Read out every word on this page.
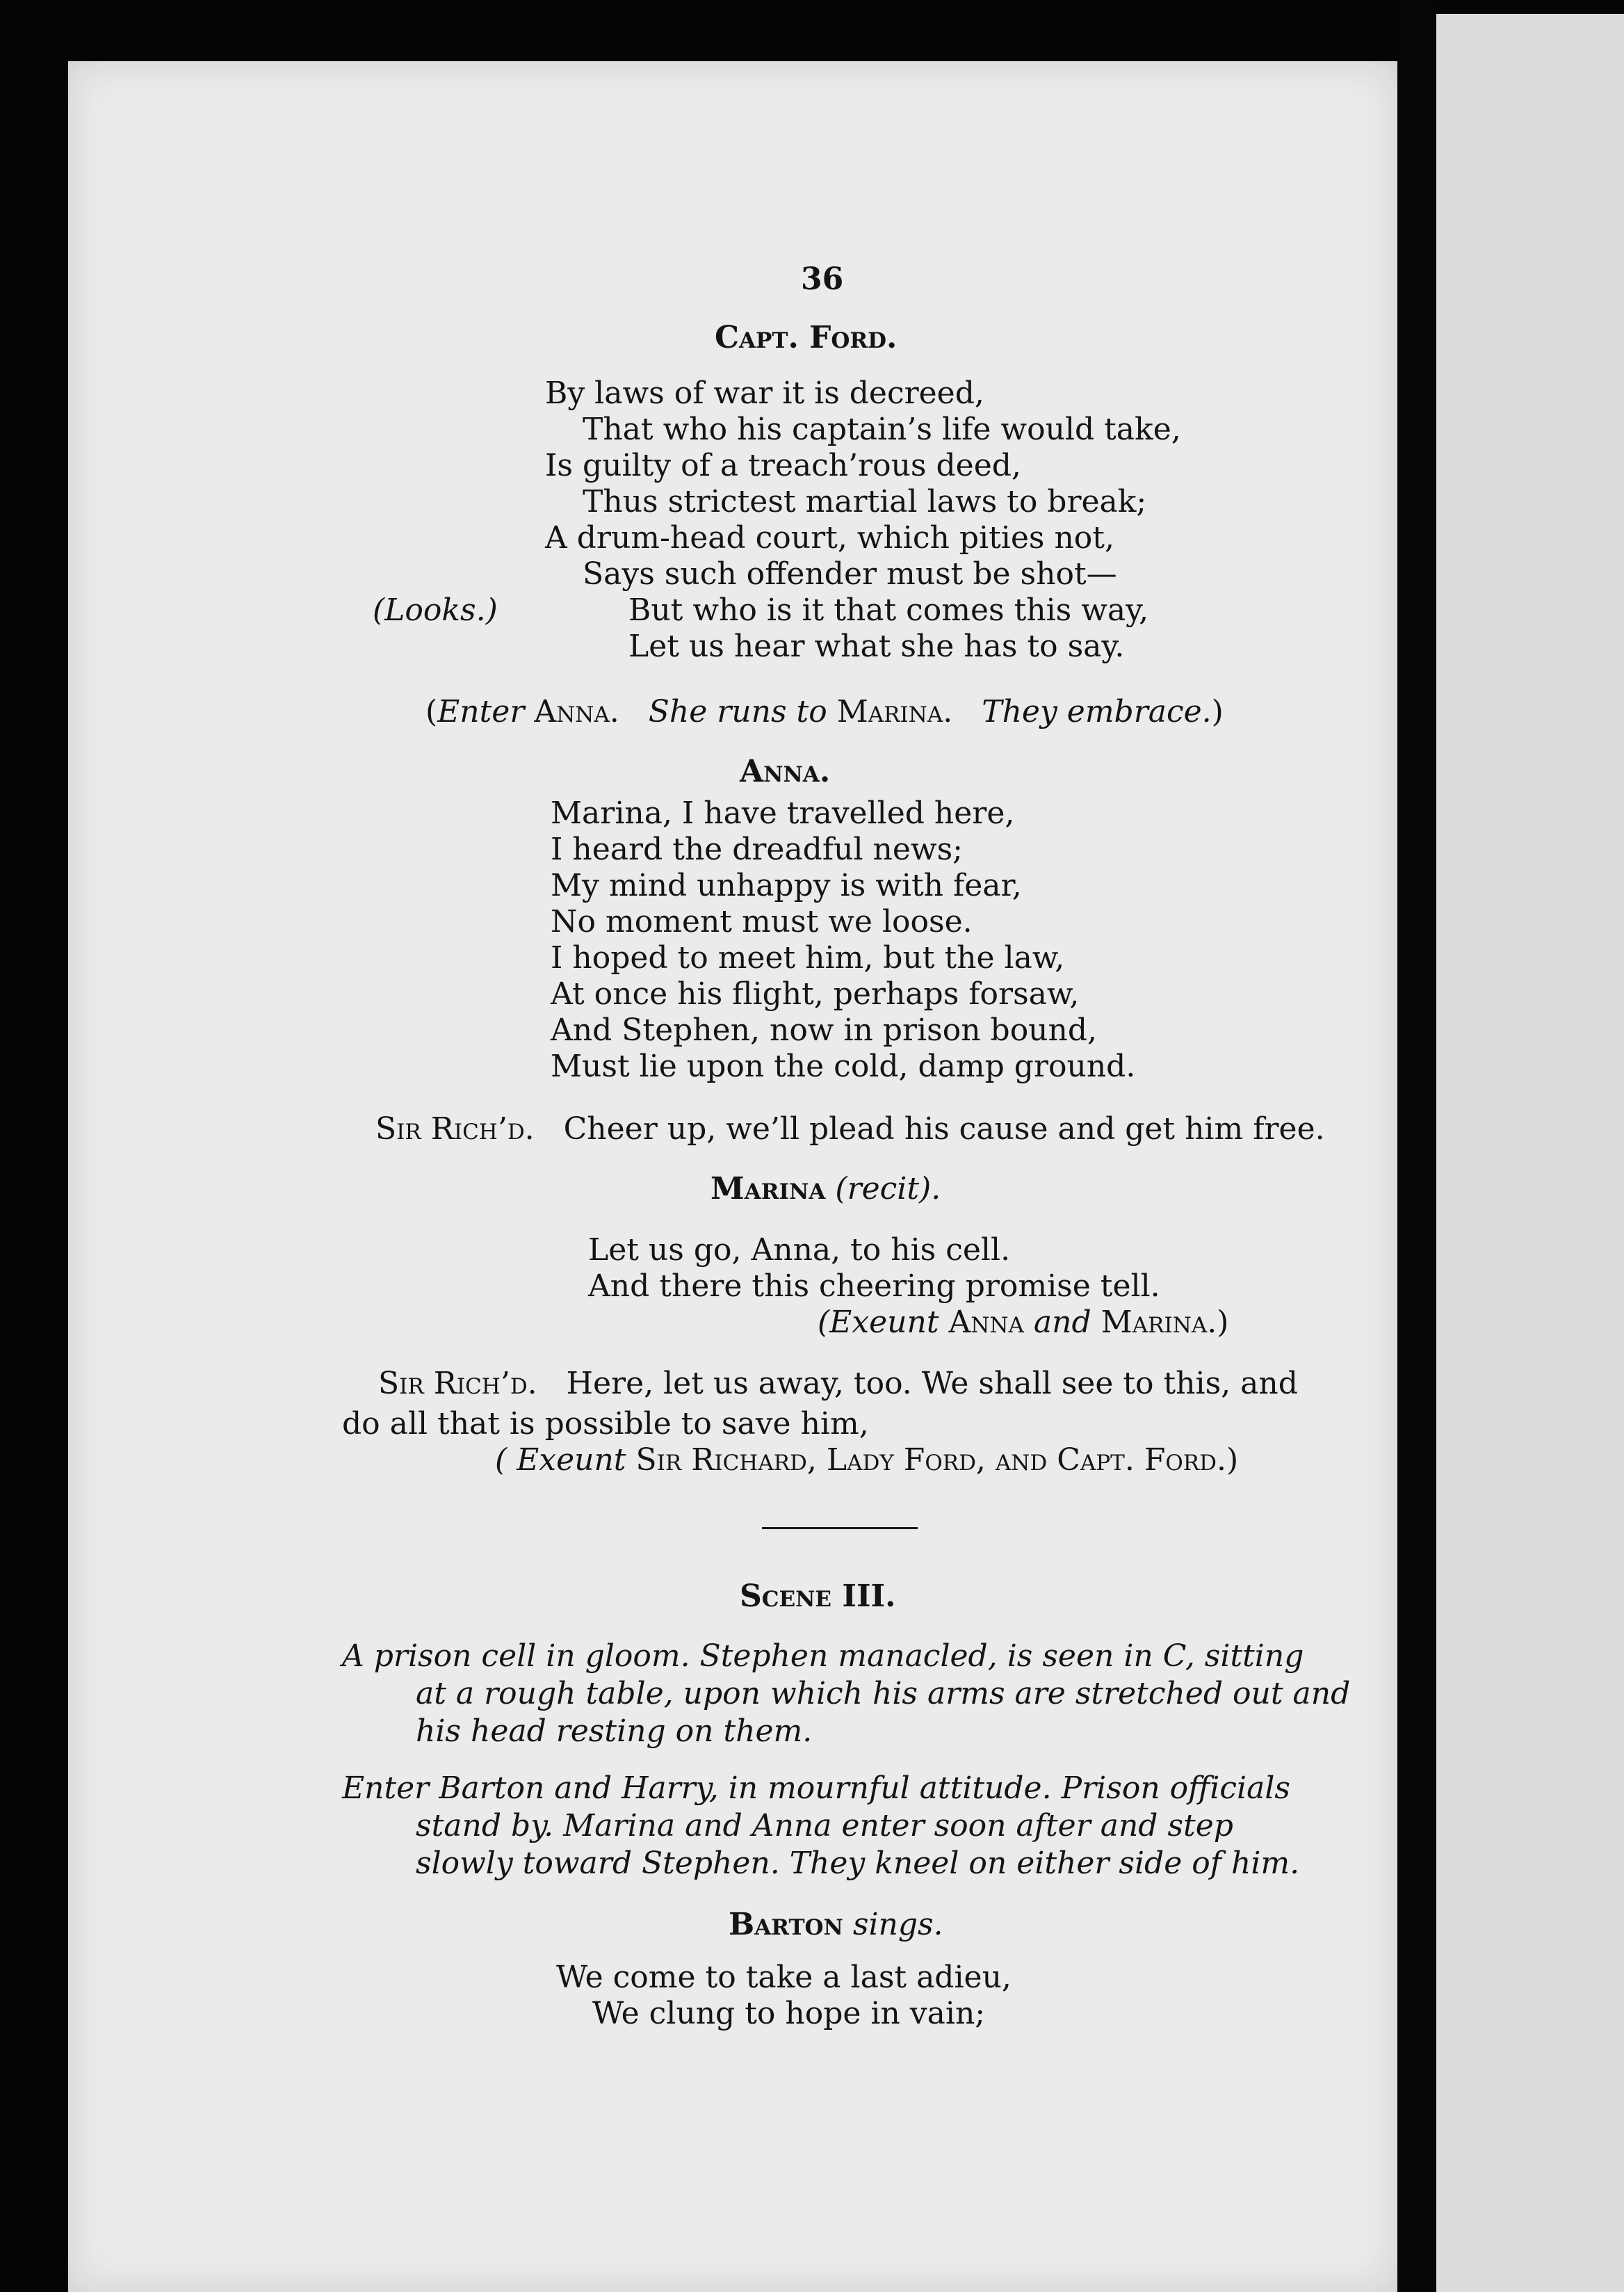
36
Capt. Ford.
By laws of war it is decreed,
That who his captain’s life would take,
Is guilty of a treach’rous deed,
Thus strictest martial laws to break;
A drum-head court, which pities not,
Says such offender must be shot—
(Looks.)	But who is it that comes this way,
Let us hear what she has to say.
(Enter Anna. She runs to Marina. They embrace.)
Anna.
Marina, I have travelled here,
I heard the dreadful news;
My mind unhappy is with fear,
No moment must we loose.
I hoped to meet him, but the law,
At once his flight, perhaps forsaw,
And Stephen, now in prison bound,
Must lie upon the cold, damp ground.
Sir Rich’d. Cheer up, we’ll plead his cause and get him free.
Marina (recit).
Let us go, Anna, to his cell.
And there this cheering promise tell.
(Exeunt Anna and Marina.)
Sir Rich’d. Here, let us away, too. We shall see to this, and
do all that is possible to save him,
( Exeunt Sir Richard, Lady Ford, and Capt. Ford.)
Scene III.
A prison cell in gloom. Stephen manacled, is seen in C, sitting
at a rough table, upon which his arms are stretched out and
his head resting on them.
Enter Barton and Harry, in mournful attitude. Prison officials
stand by. Marina and Anna enter soon after and step
slowly toward Stephen. They kneel on either side of him.
Barton sings.
We come to take a last adieu,
We clung to hope in vain;
